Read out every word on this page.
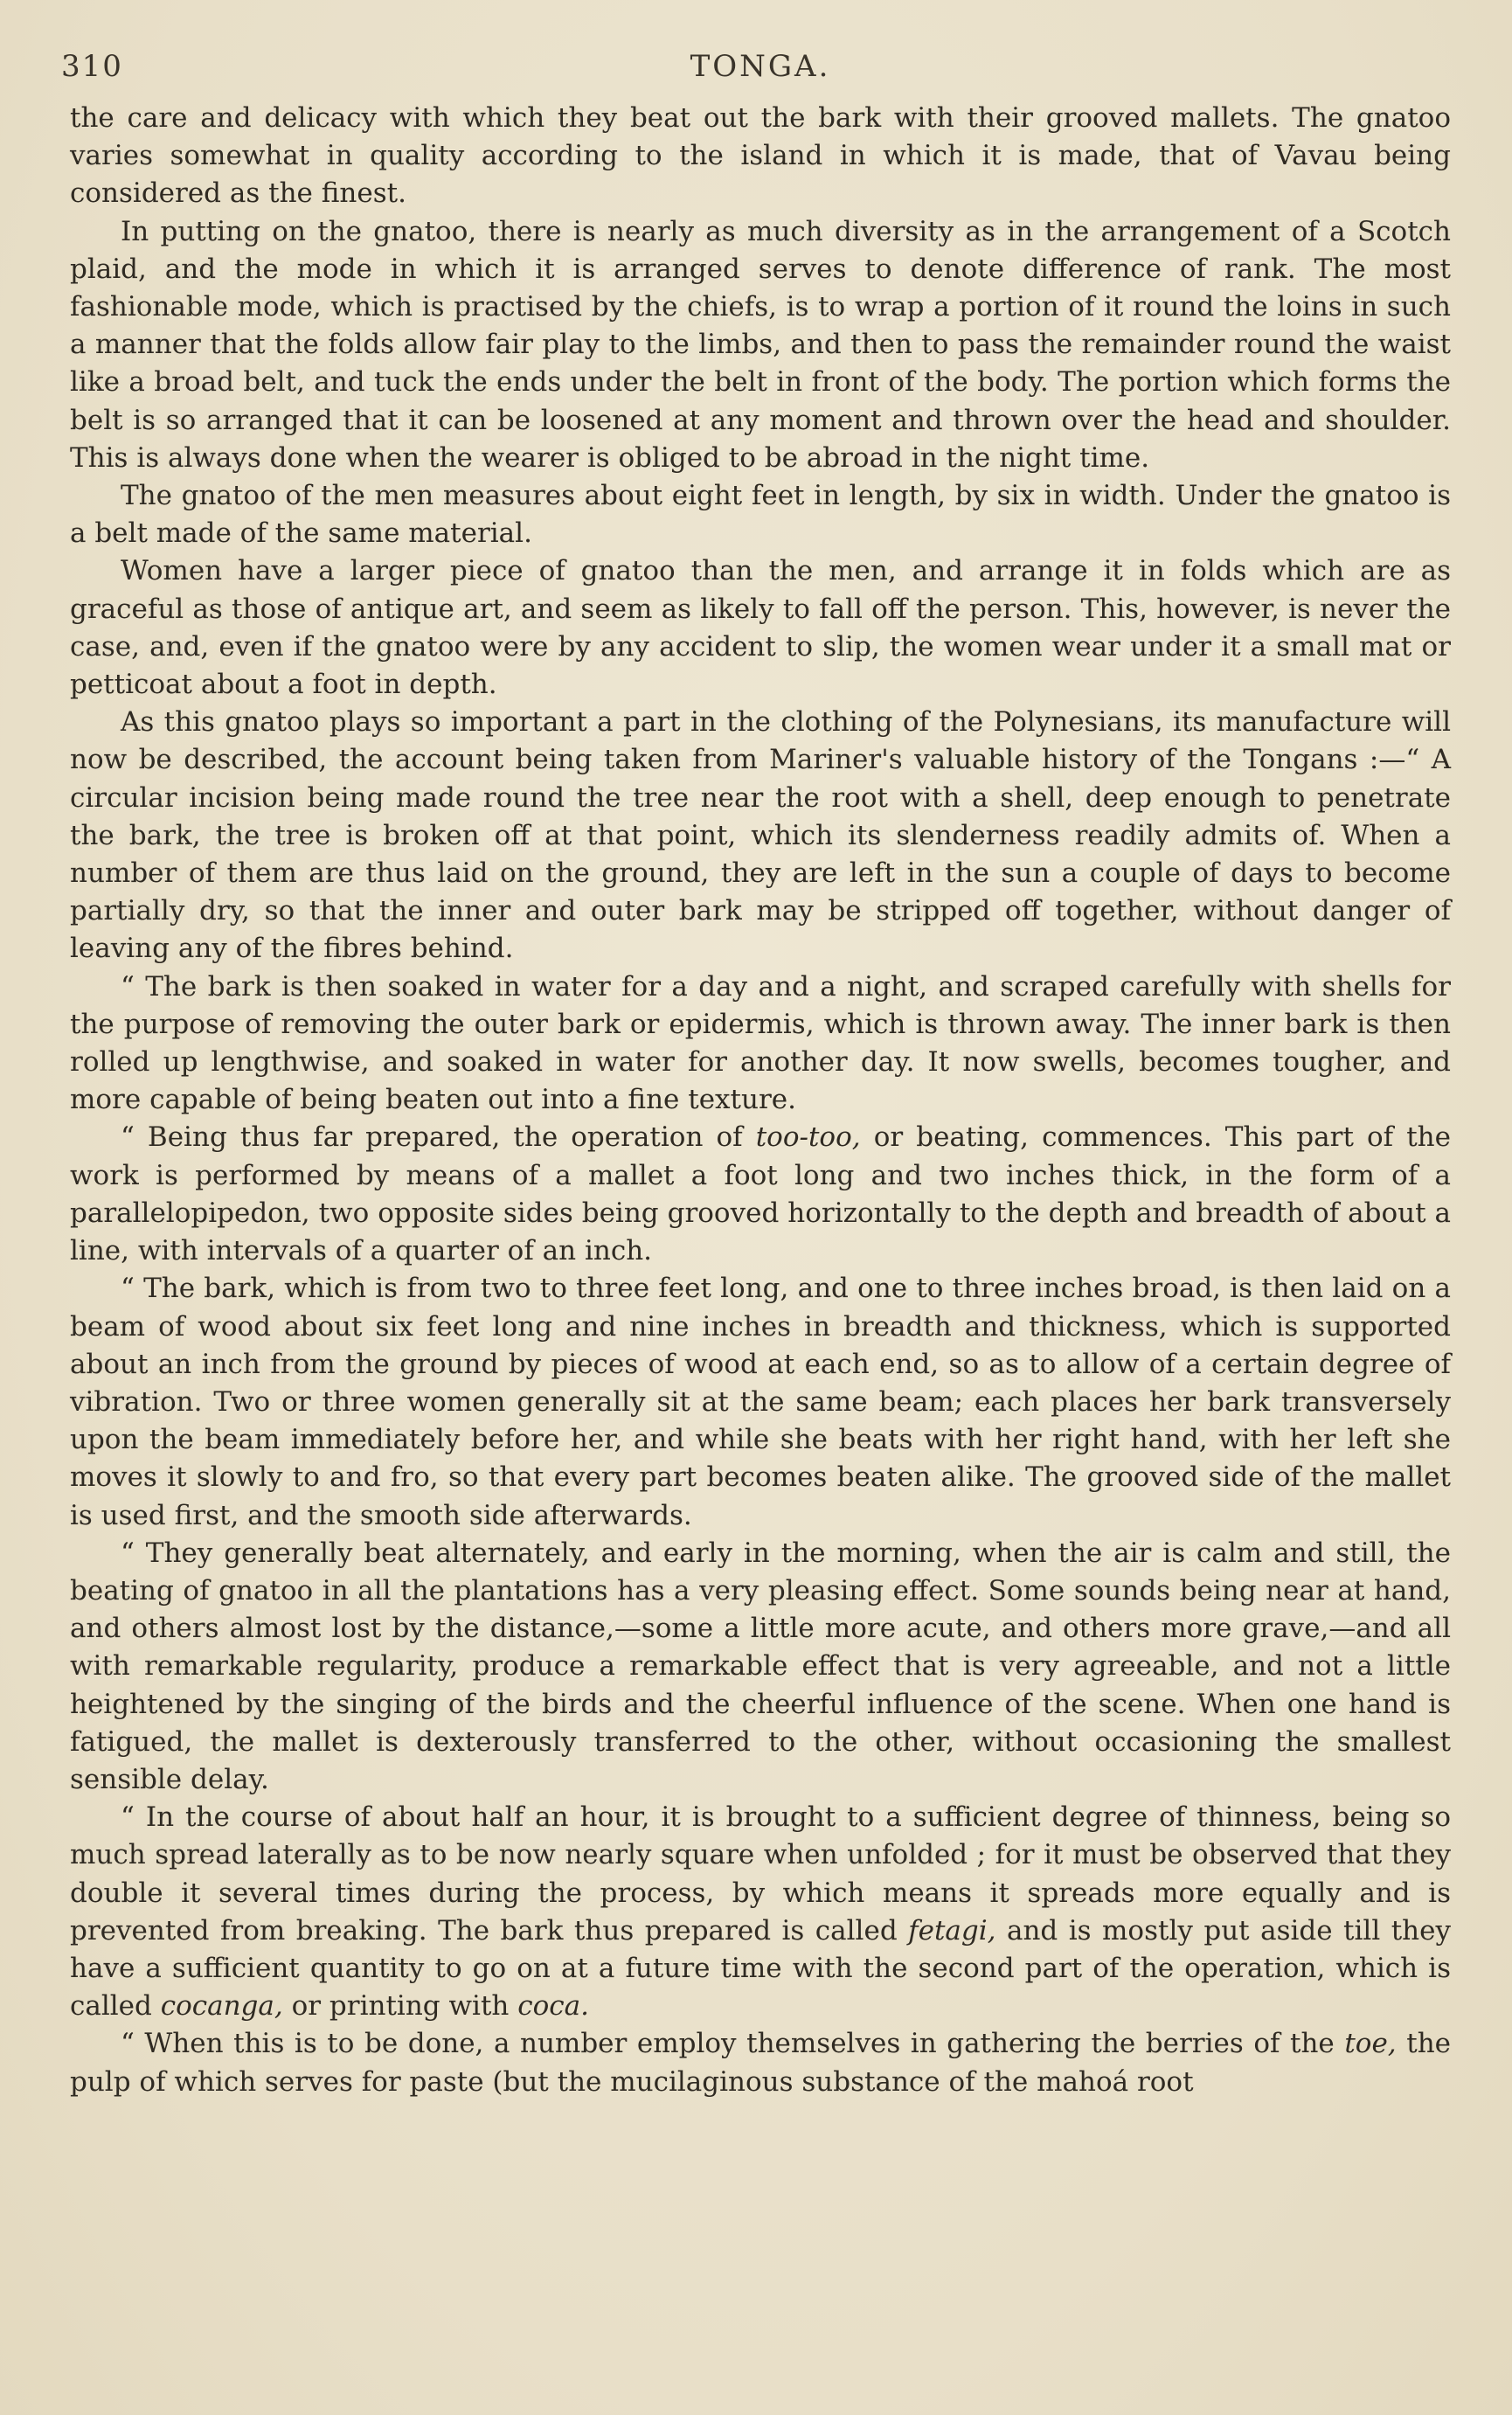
310	TONGA.

the care and delicacy with which they beat out the bark with their grooved mallets. The gnatoo varies somewhat in quality according to the island in which it is made, that of Vavau being considered as the finest.

In putting on the gnatoo, there is nearly as much diversity as in the arrangement of a Scotch plaid, and the mode in which it is arranged serves to denote difference of rank. The most fashionable mode, which is practised by the chiefs, is to wrap a portion of it round the loins in such a manner that the folds allow fair play to the limbs, and then to pass the remainder round the waist like a broad belt, and tuck the ends under the belt in front of the body. The portion which forms the belt is so arranged that it can be loosened at any moment and thrown over the head and shoulder. This is always done when the wearer is obliged to be abroad in the night time.

The gnatoo of the men measures about eight feet in length, by six in width. Under the gnatoo is a belt made of the same material.

Women have a larger piece of gnatoo than the men, and arrange it in folds which are as graceful as those of antique art, and seem as likely to fall off the person. This, however, is never the case, and, even if the gnatoo were by any accident to slip, the women wear under it a small mat or petticoat about a foot in depth.

As this gnatoo plays so important a part in the clothing of the Polynesians, its manufacture will now be described, the account being taken from Mariner's valuable history of the Tongans :—“ A circular incision being made round the tree near the root with a shell, deep enough to penetrate the bark, the tree is broken off at that point, which its slenderness readily admits of. When a number of them are thus laid on the ground, they are left in the sun a couple of days to become partially dry, so that the inner and outer bark may be stripped off together, without danger of leaving any of the fibres behind.

“ The bark is then soaked in water for a day and a night, and scraped carefully with shells for the purpose of removing the outer bark or epidermis, which is thrown away. The inner bark is then rolled up lengthwise, and soaked in water for another day. It now swells, becomes tougher, and more capable of being beaten out into a fine texture.

“ Being thus far prepared, the operation of too-too, or beating, commences. This part of the work is performed by means of a mallet a foot long and two inches thick, in the form of a parallelopipedon, two opposite sides being grooved horizontally to the depth and breadth of about a line, with intervals of a quarter of an inch.

“ The bark, which is from two to three feet long, and one to three inches broad, is then laid on a beam of wood about six feet long and nine inches in breadth and thickness, which is supported about an inch from the ground by pieces of wood at each end, so as to allow of a certain degree of vibration. Two or three women generally sit at the same beam; each places her bark transversely upon the beam immediately before her, and while she beats with her right hand, with her left she moves it slowly to and fro, so that every part becomes beaten alike. The grooved side of the mallet is used first, and the smooth side afterwards.

“ They generally beat alternately, and early in the morning, when the air is calm and still, the beating of gnatoo in all the plantations has a very pleasing effect. Some sounds being near at hand, and others almost lost by the distance,—some a little more acute, and others more grave,—and all with remarkable regularity, produce a remarkable effect that is very agreeable, and not a little heightened by the singing of the birds and the cheerful influence of the scene. When one hand is fatigued, the mallet is dexterously transferred to the other, without occasioning the smallest sensible delay.

“ In the course of about half an hour, it is brought to a sufficient degree of thinness, being so much spread laterally as to be now nearly square when unfolded ; for it must be observed that they double it several times during the process, by which means it spreads more equally and is prevented from breaking. The bark thus prepared is called fetagi, and is mostly put aside till they have a sufficient quantity to go on at a future time with the second part of the operation, which is called cocanga, or printing with coca.

“ When this is to be done, a number employ themselves in gathering the berries of the toe, the pulp of which serves for paste (but the mucilaginous substance of the mahoá root
